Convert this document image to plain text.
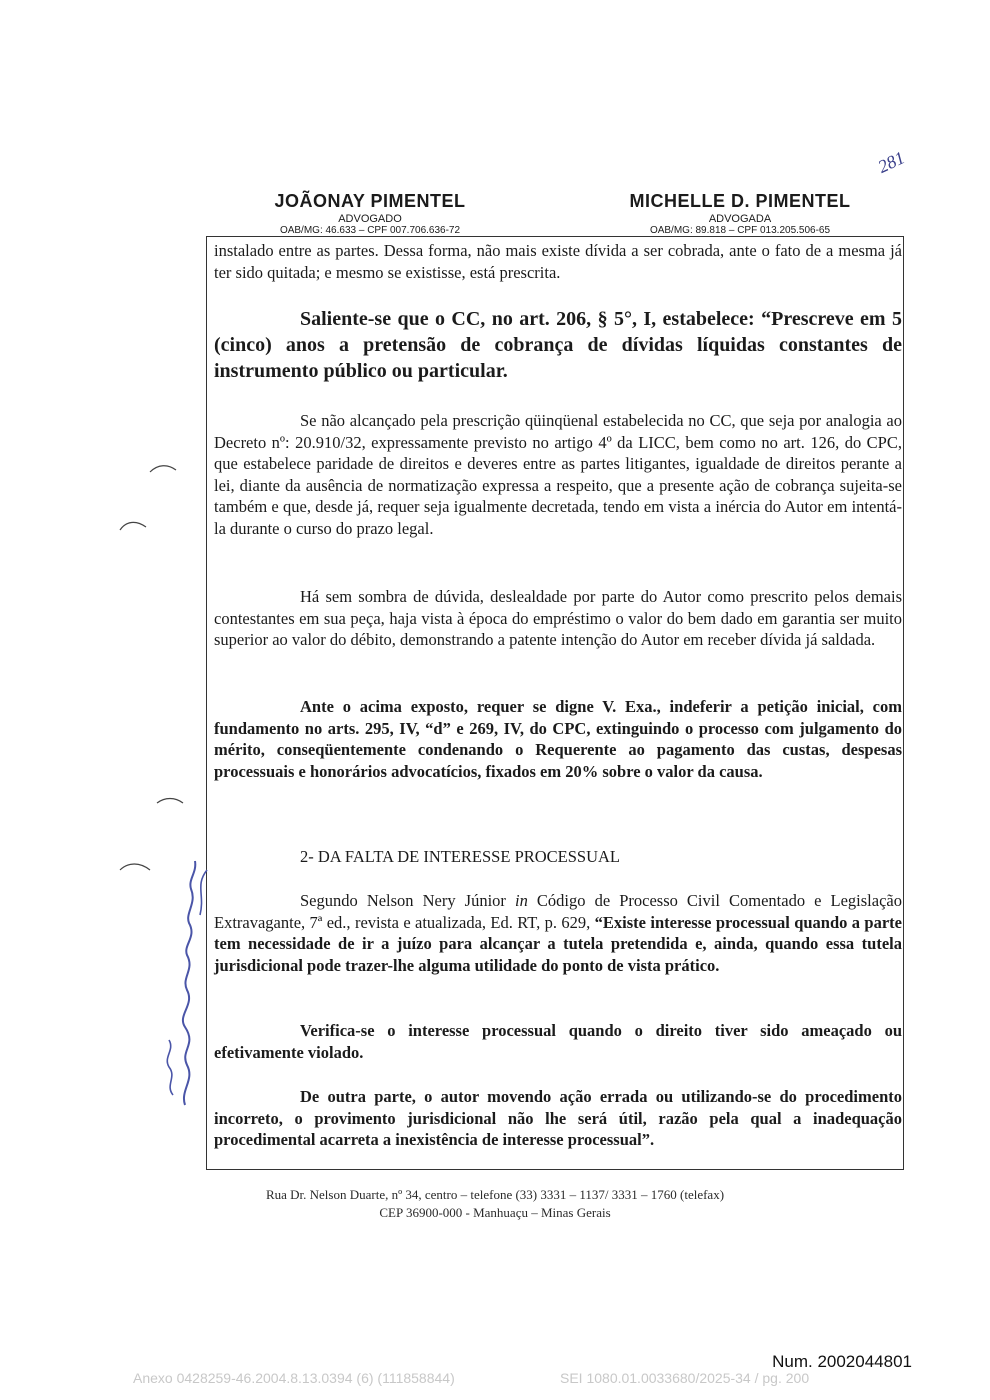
JOÃONAY PIMENTEL
ADVOGADO
OAB/MG: 46.633 – CPF 007.706.636-72
MICHELLE D. PIMENTEL
ADVOGADA
OAB/MG: 89.818 – CPF 013.205.506-65
281

instalado entre as partes. Dessa forma, não mais existe dívida a ser cobrada, ante o fato de a mesma já ter sido quitada; e mesmo se existisse, está prescrita.

Saliente-se que o CC, no art. 206, § 5°, I, estabelece: “Prescreve em 5 (cinco) anos a pretensão de cobrança de dívidas líquidas constantes de instrumento público ou particular.

Se não alcançado pela prescrição qüinqüenal estabelecida no CC, que seja por analogia ao Decreto nº: 20.910/32, expressamente previsto no artigo 4º da LICC, bem como no art. 126, do CPC, que estabelece paridade de direitos e deveres entre as partes litigantes, igualdade de direitos perante a lei, diante da ausência de normatização expressa a respeito, que a presente ação de cobrança sujeita-se também e que, desde já, requer seja igualmente decretada, tendo em vista a inércia do Autor em intentá-la durante o curso do prazo legal.

Há sem sombra de dúvida, deslealdade por parte do Autor como prescrito pelos demais contestantes em sua peça, haja vista à época do empréstimo o valor do bem dado em garantia ser muito superior ao valor do débito, demonstrando a patente intenção do Autor em receber dívida já saldada.

Ante o acima exposto, requer se digne V. Exa., indeferir a petição inicial, com fundamento no arts. 295, IV, “d” e 269, IV, do CPC, extinguindo o processo com julgamento do mérito, conseqüentemente condenando o Requerente ao pagamento das custas, despesas processuais e honorários advocatícios, fixados em 20% sobre o valor da causa.

2- DA FALTA DE INTERESSE PROCESSUAL

Segundo Nelson Nery Júnior in Código de Processo Civil Comentado e Legislação Extravagante, 7ª ed., revista e atualizada, Ed. RT, p. 629, “Existe interesse processual quando a parte tem necessidade de ir a juízo para alcançar a tutela pretendida e, ainda, quando essa tutela jurisdicional pode trazer-lhe alguma utilidade do ponto de vista prático.

Verifica-se o interesse processual quando o direito tiver sido ameaçado ou efetivamente violado.

De outra parte, o autor movendo ação errada ou utilizando-se do procedimento incorreto, o provimento jurisdicional não lhe será útil, razão pela qual a inadequação procedimental acarreta a inexistência de interesse processual”.

Rua Dr. Nelson Duarte, nº 34, centro – telefone (33) 3331 – 1137/ 3331 – 1760 (telefax)
CEP 36900-000 - Manhuaçu – Minas Gerais
Num. 2002044801
Anexo 0428259-46.2004.8.13.0394 (6) (111858844)	SEI 1080.01.0033680/2025-34 / pg. 200
